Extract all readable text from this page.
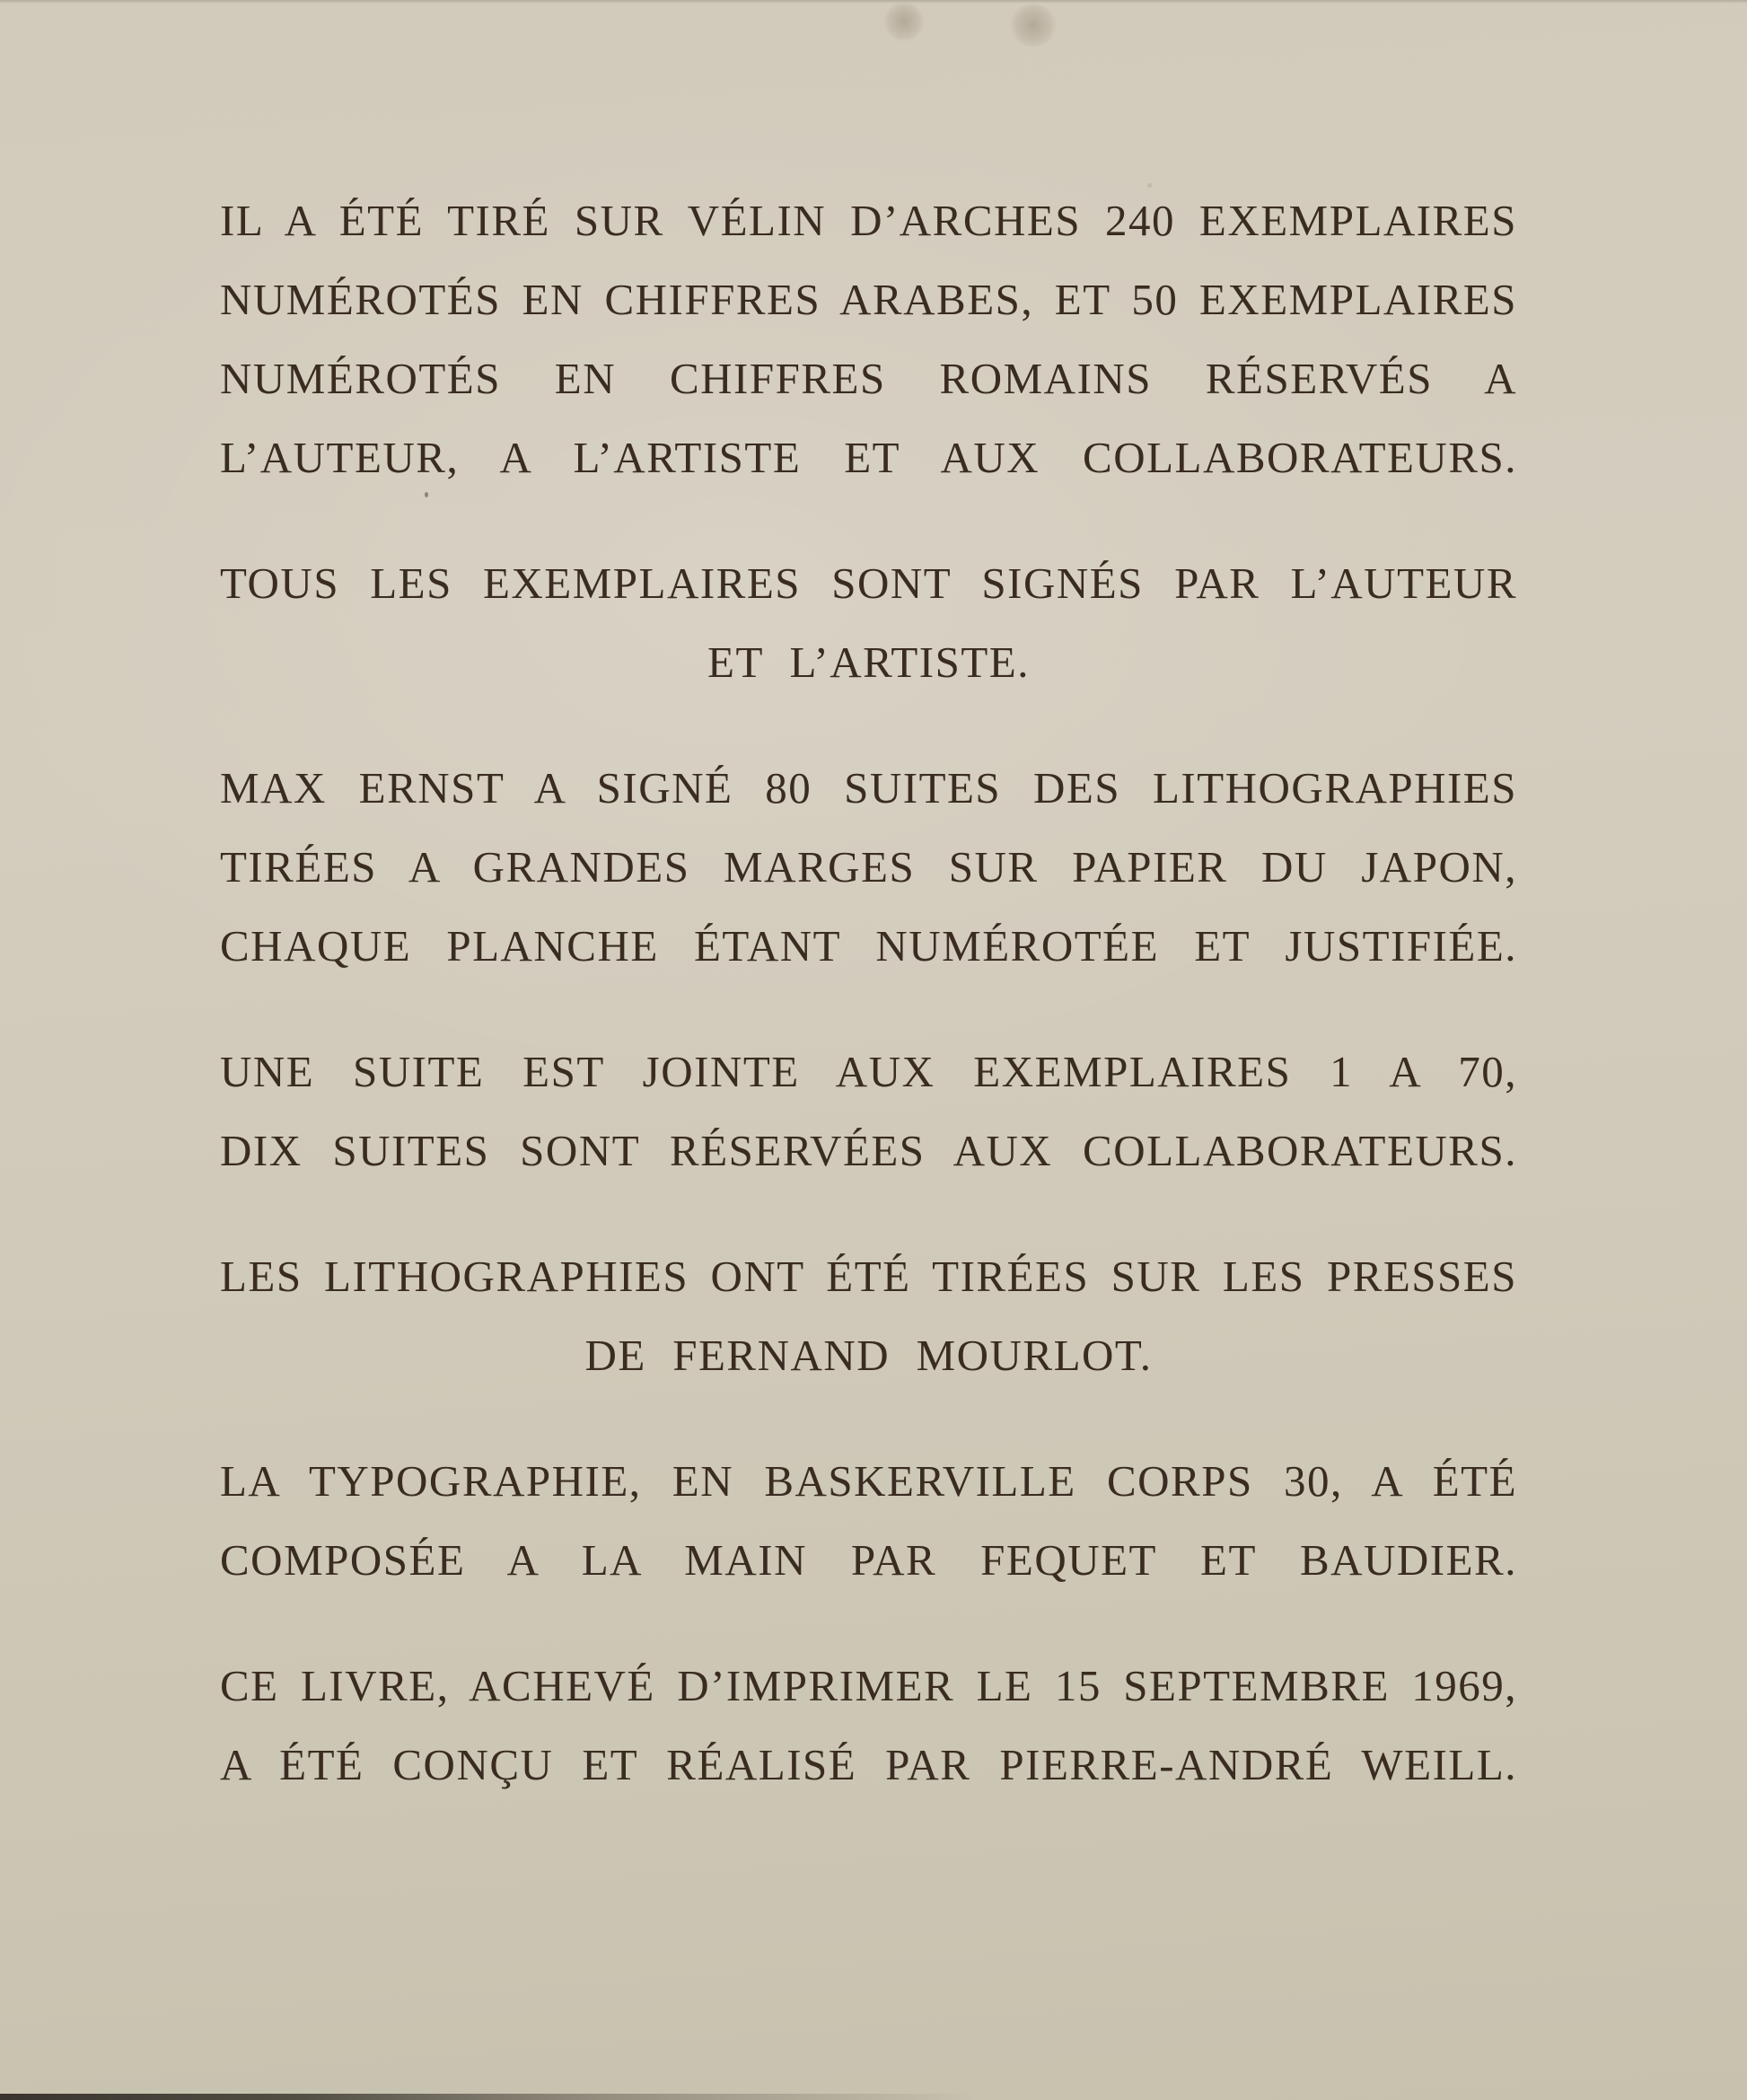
IL A ÉTÉ TIRÉ SUR VÉLIN D’ARCHES 240 EXEMPLAIRES
NUMÉROTÉS EN CHIFFRES ARABES, ET 50 EXEMPLAIRES
NUMÉROTÉS EN CHIFFRES ROMAINS RÉSERVÉS A
L’AUTEUR, A L’ARTISTE ET AUX COLLABORATEURS.
TOUS LES EXEMPLAIRES SONT SIGNÉS PAR L’AUTEUR
ET L’ARTISTE.
MAX ERNST A SIGNÉ 80 SUITES DES LITHOGRAPHIES
TIRÉES A GRANDES MARGES SUR PAPIER DU JAPON,
CHAQUE PLANCHE ÉTANT NUMÉROTÉE ET JUSTIFIÉE.
UNE SUITE EST JOINTE AUX EXEMPLAIRES 1 A 70,
DIX SUITES SONT RÉSERVÉES AUX COLLABORATEURS.
LES LITHOGRAPHIES ONT ÉTÉ TIRÉES SUR LES PRESSES
DE FERNAND MOURLOT.
LA TYPOGRAPHIE, EN BASKERVILLE CORPS 30, A ÉTÉ
COMPOSÉE A LA MAIN PAR FEQUET ET BAUDIER.
CE LIVRE, ACHEVÉ D’IMPRIMER LE 15 SEPTEMBRE 1969,
A ÉTÉ CONÇU ET RÉALISÉ PAR PIERRE-ANDRÉ WEILL.
